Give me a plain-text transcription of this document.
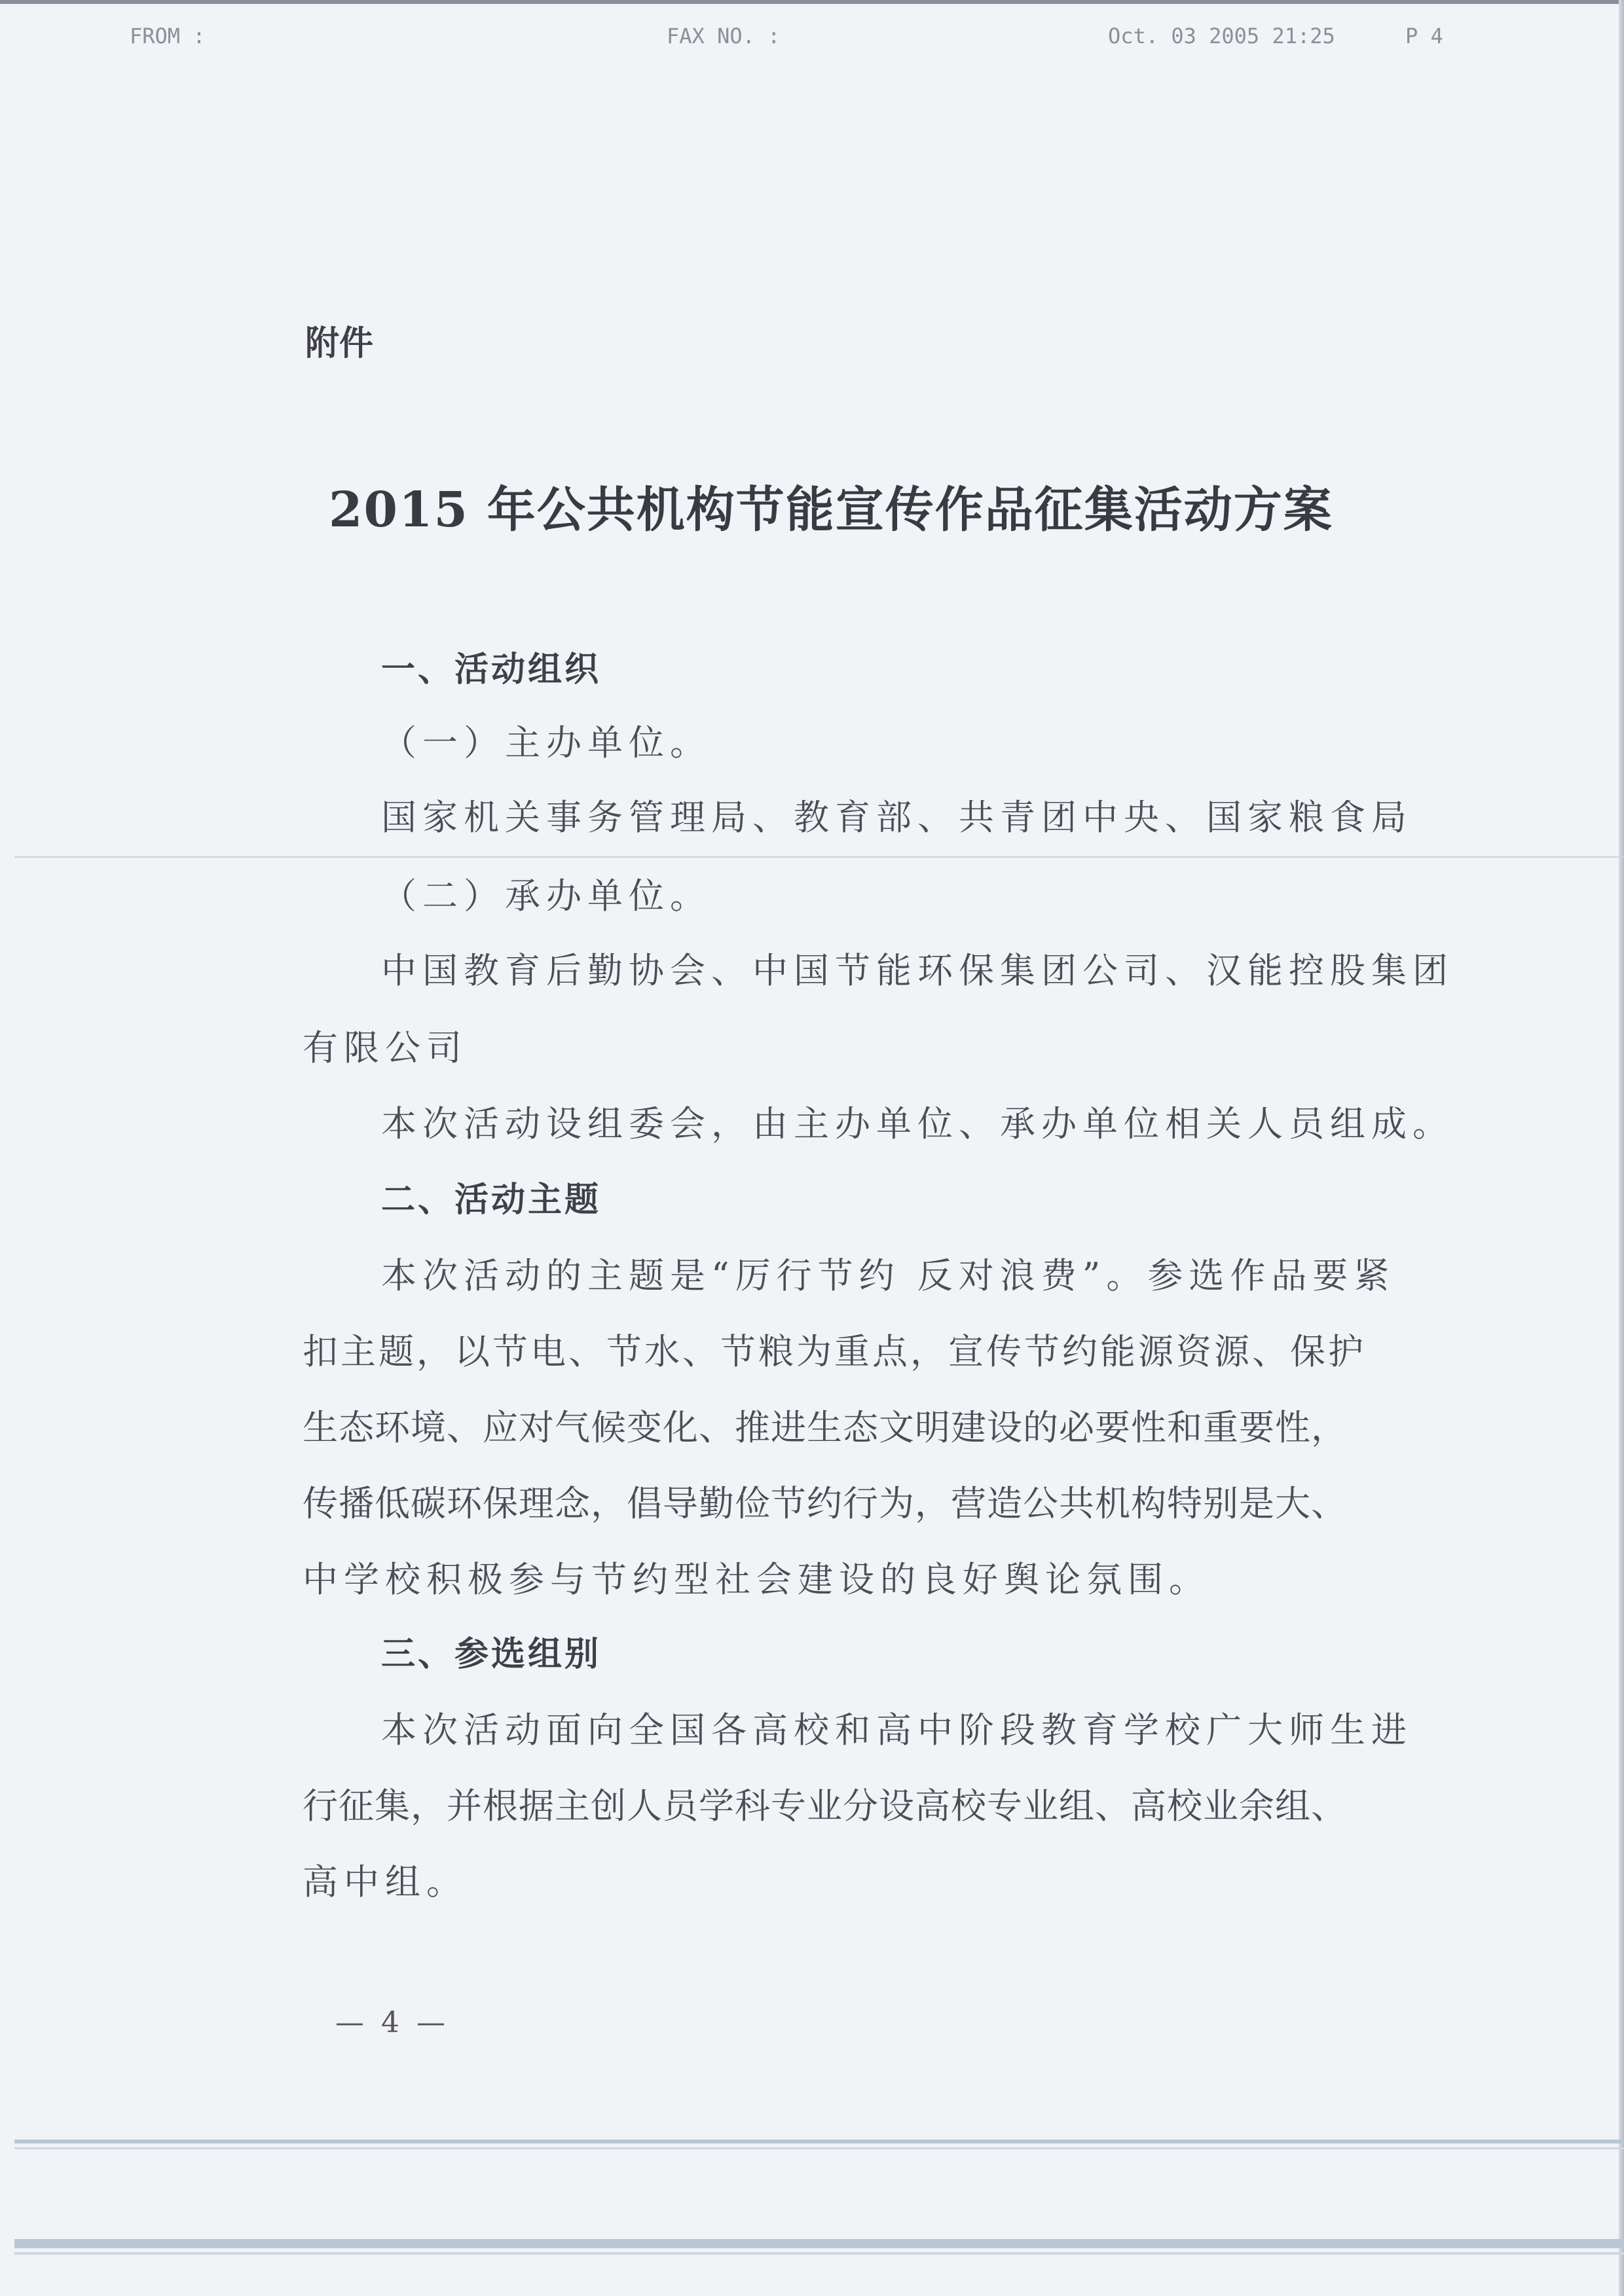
FROM :	FAX NO. :	Oct. 03 2005 21:25	P 4
附件
2015 年公共机构节能宣传作品征集活动方案
一、活动组织
（一）主办单位。
国家机关事务管理局、教育部、共青团中央、国家粮食局
（二）承办单位。
中国教育后勤协会、中国节能环保集团公司、汉能控股集团
有限公司
本次活动设组委会，由主办单位、承办单位相关人员组成。
二、活动主题
本次活动的主题是“厉行节约 反对浪费”。参选作品要紧
扣主题，以节电、节水、节粮为重点，宣传节约能源资源、保护
生态环境、应对气候变化、推进生态文明建设的必要性和重要性，
传播低碳环保理念，倡导勤俭节约行为，营造公共机构特别是大、
中学校积极参与节约型社会建设的良好舆论氛围。
三、参选组别
本次活动面向全国各高校和高中阶段教育学校广大师生进
行征集，并根据主创人员学科专业分设高校专业组、高校业余组、
高中组。
— 4 —
